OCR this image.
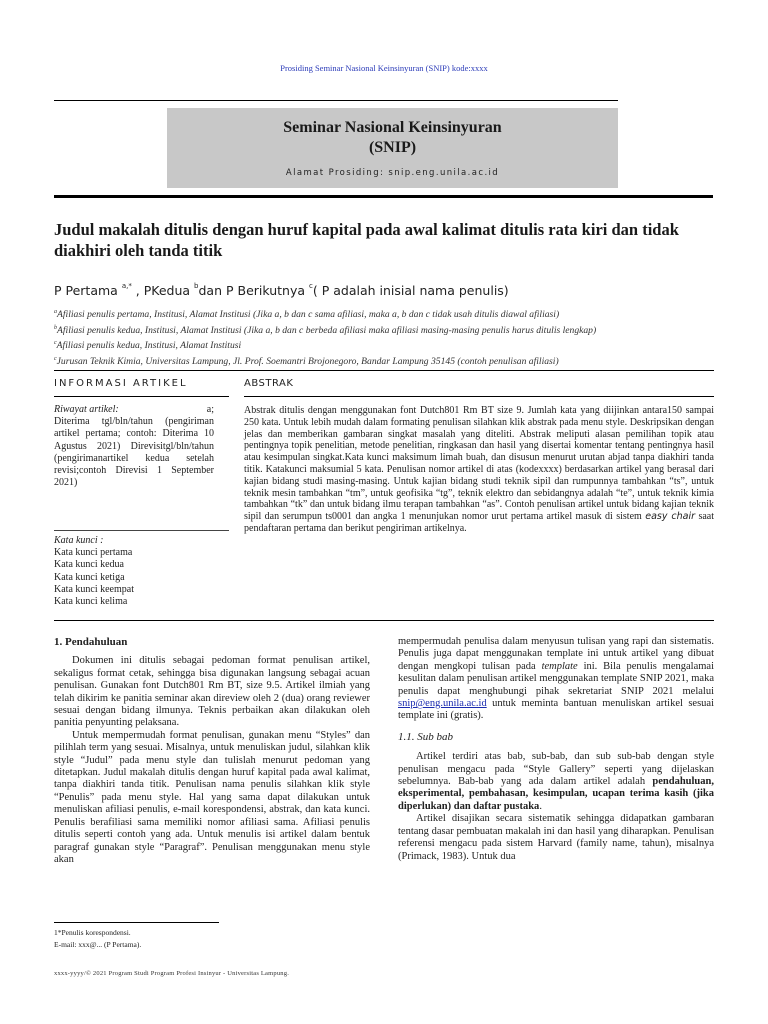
Prosiding Seminar Nasional Keinsinyuran (SNIP) kode:xxxx
Seminar Nasional Keinsinyuran
(SNIP)
Alamat Prosiding: snip.eng.unila.ac.id
Judul makalah ditulis dengan huruf kapital pada awal kalimat ditulis rata kiri dan tidak diakhiri oleh tanda titik
P Pertama $^{a,*}$ , PKedua $^b$dan P Berikutnya $^c$( P adalah inisial nama penulis)
$^a$Afiliasi penulis pertama, Institusi, Alamat Institusi (Jika a, b dan c sama afiliasi, maka a, b dan c tidak usah ditulis diawal afiliasi)
$^b$Afiliasi penulis kedua, Institusi, Alamat Institusi (Jika a, b dan c berbeda afiliasi maka afiliasi masing-masing penulis harus ditulis lengkap)
$^c$Afiliasi penulis kedua, Institusi, Alamat Institusi
$^c$Jurusan Teknik Kimia, Universitas Lampung, Jl. Prof. Soemantri Brojonegoro, Bandar Lampung 35145 (contoh penulisan afiliasi)
INFORMASI ARTIKEL	ABSTRAK
Riwayat artikel:	a;
Diterima tgl/bln/tahun (pengiriman artikel pertama; contoh: Diterima 10 Agustus 2021) Direvisitgl/bln/tahun (pengirimanartikel kedua setelah revisi;contoh Direvisi 1 September 2021)
Kata kunci :
Kata kunci pertama
Kata kunci kedua
Kata kunci ketiga
Kata kunci keempat
Kata kunci kelima
Abstrak ditulis dengan menggunakan font Dutch801 Rm BT size 9. Jumlah kata yang diijinkan antara150 sampai 250 kata. Untuk lebih mudah dalam formating penulisan silahkan klik abstrak pada menu style. Deskripsikan dengan jelas dan memberikan gambaran singkat masalah yang diteliti. Abstrak meliputi alasan pemilihan topik atau pentingnya topik penelitian, metode penelitian, ringkasan dan hasil yang disertai komentar tentang pentingnya hasil atau kesimpulan singkat.Kata kunci maksimum limah buah, dan disusun menurut urutan abjad tanpa diakhiri tanda titik. Katakunci maksumial 5 kata. Penulisan nomor artikel di atas (kodexxxx) berdasarkan artikel yang berasal dari kajian bidang studi masing-masing. Untuk kajian bidang studi teknik sipil dan rumpunnya tambahkan “ts”, untuk teknik mesin tambahkan “tm”, untuk geofisika “tg”, teknik elektro dan sebidangnya adalah “te”, untuk teknik kimia tambahkan “tk” dan untuk bidang ilmu terapan tambahkan “as”. Contoh penulisan artikel untuk bidang kajian teknik sipil dan serumpun ts0001 dan angka 1 menunjukan nomor urut pertama artikel masuk di sistem easy chair saat pendaftaran pertama dan berikut pengiriman artikelnya.
1. Pendahuluan

Dokumen ini ditulis sebagai pedoman format penulisan artikel, sekaligus format cetak, sehingga bisa digunakan langsung sebagai acuan penulisan. Gunakan font Dutch801 Rm BT, size 9.5. Artikel ilmiah yang telah dikirim ke panitia seminar akan direview oleh 2 (dua) orang reviewer sesuai dengan bidang ilmunya. Teknis perbaikan akan dilakukan oleh panitia penyunting pelaksana.

Untuk mempermudah format penulisan, gunakan menu “Styles” dan pilihlah term yang sesuai. Misalnya, untuk menuliskan judul, silahkan klik style “Judul” pada menu style dan tulislah menurut pedoman yang ditetapkan. Judul makalah ditulis dengan huruf kapital pada awal kalimat, tanpa diakhiri tanda titik. Penulisan nama penulis silahkan klik style “Penulis” pada menu style. Hal yang sama dapat dilakukan untuk menuliskan afiliasi penulis, e-mail korespondensi, abstrak, dan kata kunci. Penulis berafiliasi sama memiliki nomor afiliasi sama. Afiliasi penulis ditulis seperti contoh yang ada. Untuk menulis isi artikel dalam bentuk paragraf gunakan style “Paragraf”. Penulisan menggunakan menu style akan

mempermudah penulisa dalam menyusun tulisan yang rapi dan sistematis. Penulis juga dapat menggunakan template ini untuk artikel yang dibuat dengan mengkopi tulisan pada template ini. Bila penulis mengalamai kesulitan dalam penulisan artikel menggunakan template SNIP 2021, maka penulis dapat menghubungi pihak sekretariat SNIP 2021 melalui snip@eng.unila.ac.id untuk meminta bantuan menuliskan artikel sesuai template ini (gratis).

1.1. Sub bab

Artikel terdiri atas bab, sub-bab, dan sub sub-bab dengan style penulisan mengacu pada “Style Gallery” seperti yang dijelaskan sebelumnya. Bab-bab yang ada dalam artikel adalah pendahuluan, eksperimental, pembahasan, kesimpulan, ucapan terima kasih (jika diperlukan) dan daftar pustaka.

Artikel disajikan secara sistematik sehingga didapatkan gambaran tentang dasar pembuatan makalah ini dan hasil yang diharapkan. Penulisan referensi mengacu pada sistem Harvard (family name, tahun), misalnya (Primack, 1983). Untuk dua

1*Penulis korespondensi.
E-mail: xxx@... (P Pertama).
xxxx-yyyy/© 2021 Program Studi Program Profesi Insinyur - Universitas Lampung.
